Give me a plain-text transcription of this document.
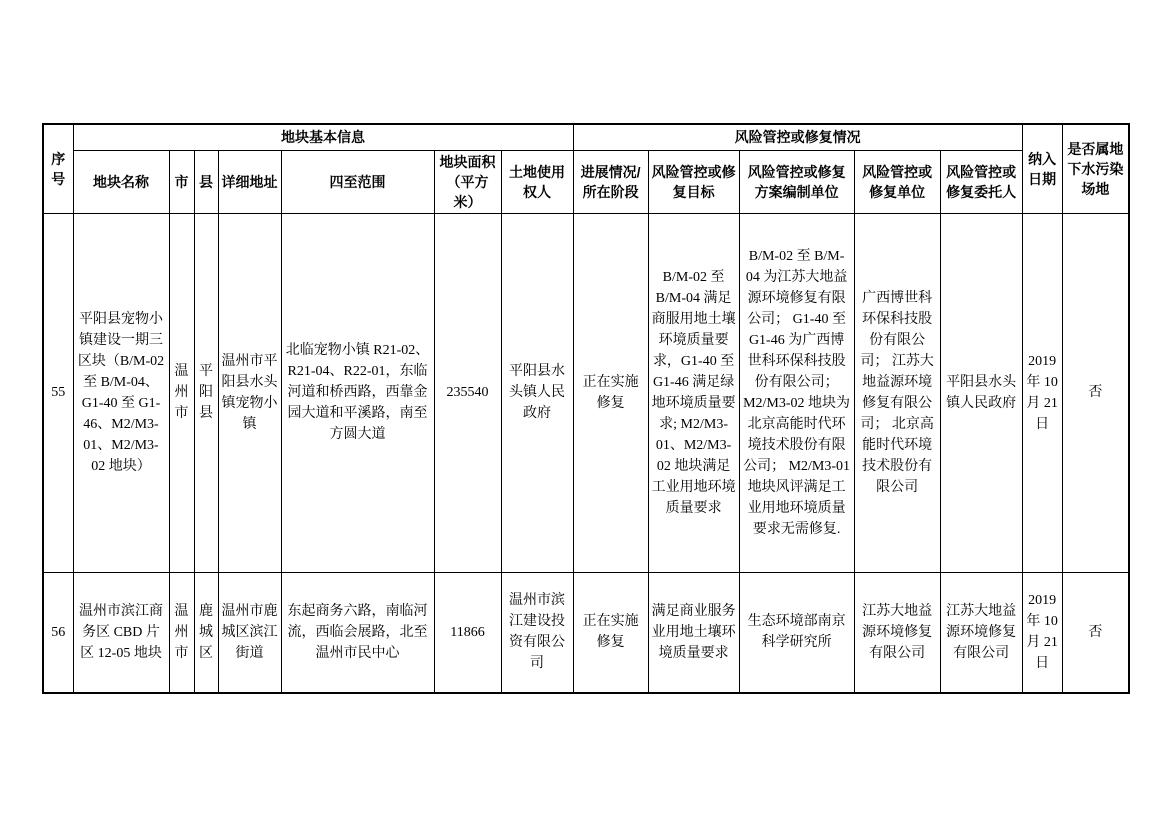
序号	地块基本信息							风险管控或修复情况					纳入日期	是否属地下水污染场地
	地块名称	市	县	详细地址	四至范围	地块面积（平方米）	土地使用权人	进展情况/所在阶段	风险管控或修复目标	风险管控或修复方案编制单位	风险管控或修复单位	风险管控或修复委托人		
55	平阳县宠物小镇建设一期三区块（B/M-02 至 B/M-04、G1-40 至 G1-46、M2/M3-01、M2/M3-02 地块）	温州市	平阳县	温州市平阳县水头镇宠物小镇	北临宠物小镇 R21-02、R21-04、R22-01，东临河道和桥西路，西靠金园大道和平溪路，南至方圆大道	235540	平阳县水头镇人民政府	正在实施修复	B/M-02 至 B/M-04 满足商服用地土壤环境质量要求，G1-40 至 G1-46 满足绿地环境质量要求; M2/M3-01、M2/M3-02 地块满足工业用地环境质量要求	B/M-02 至 B/M-04 为江苏大地益源环境修复有限公司； G1-40 至 G1-46 为广西博世科环保科技股份有限公司； M2/M3-02 地块为北京高能时代环境技术股份有限公司； M2/M3-01 地块风评满足工业用地环境质量要求无需修复.	广西博世科环保科技股份有限公司； 江苏大地益源环境修复有限公司； 北京高能时代环境技术股份有限公司	平阳县水头镇人民政府	2019 年 10 月 21 日	否
56	温州市滨江商务区 CBD 片区 12-05 地块	温州市	鹿城区	温州市鹿城区滨江街道	东起商务六路，南临河流，西临会展路，北至温州市民中心	11866	温州市滨江建设投资有限公司	正在实施修复	满足商业服务业用地土壤环境质量要求	生态环境部南京科学研究所	江苏大地益源环境修复有限公司	江苏大地益源环境修复有限公司	2019 年 10 月 21 日	否
